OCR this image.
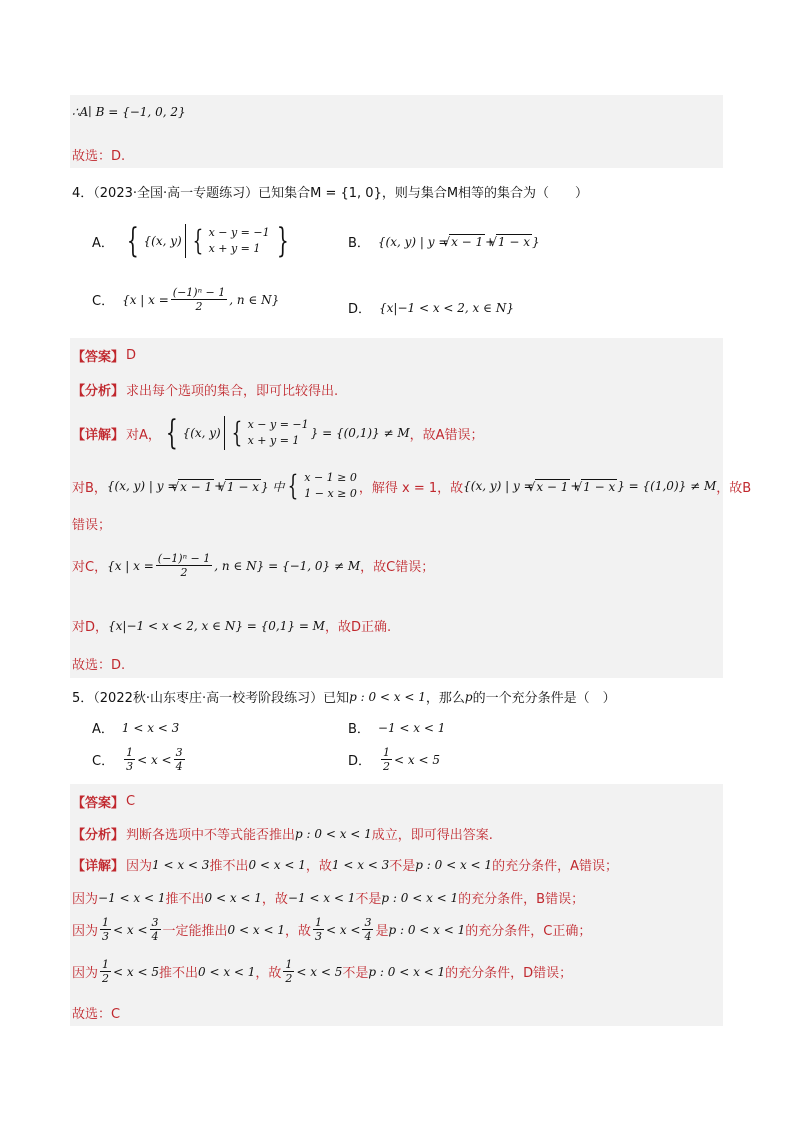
∴A∣ B = {−1, 0, 2}
故选：D.
4．（2023·全国·高一专题练习）已知集合M = {1, 0}，则与集合M相等的集合为（　　）
A． { {(x, y) { x − y = −1
x + y = 1 }	B． {(x, y) | y = √ x − 1 + √ 1 − x }
C． {x | $x = \frac{\text{(−1)ⁿ − 1}}{2}$ , n ∈ N}
D． {x|−1 < x < 2, x ∈ N}
【答案】 D
【分析】 求出每个选项的集合，即可比较得出.
【详解】 对A， { {(x, y) { x − y = −1
x + y = 1
} = {(0,1)} ≠ M ，故A错误；
对B， {(x, y) | y = √ x − 1 + √ 1 − x } 中 { x − 1 ≥ 0
1 − x ≥ 0 ，解得 x = 1，故 {(x, y) | y = √ x − 1 + √ 1 − x } = {(1,0)} ≠ M ，故B
错误；
对C， {x | $x = \frac{\text{(−1)ⁿ − 1}}{2}$ , n ∈ N} = {−1, 0} ≠ M ，故C错误；
对D， {x|−1 < x < 2, x ∈ N} = {0,1} = M ，故D正确.
故选：D.
5．（2022秋·山东枣庄·高一校考阶段练习）已知 p : 0 < x < 1 ，那么 p 的一个充分条件是（　）
A． 1 < x < 3	B． −1 < x < 1
C． $\frac{1}{3} < x < \frac{3}{4}$	D． $\frac{1}{2} < x < 5$
【答案】 C
【分析】 判断各选项中不等式能否推出 p : 0 < x < 1 成立，即可得出答案.
【详解】 因为 1 < x < 3 推不出 0 < x < 1 ，故 1 < x < 3 不是 p : 0 < x < 1 的充分条件，A错误；
因为 −1 < x < 1 推不出 0 < x < 1 ，故 −1 < x < 1 不是 p : 0 < x < 1 的充分条件，B错误；
因为 $\frac{1}{3} < x < \frac{3}{4}$ 一定能推出 0 < x < 1 ，故 $\frac{1}{3} < x < \frac{3}{4}$ 是 p : 0 < x < 1 的充分条件，C正确；
因为 $\frac{1}{2} < x < 5$ 推不出 0 < x < 1 ，故 $\frac{1}{2} < x < 5$ 不是 p : 0 < x < 1 的充分条件，D错误；
故选：C
